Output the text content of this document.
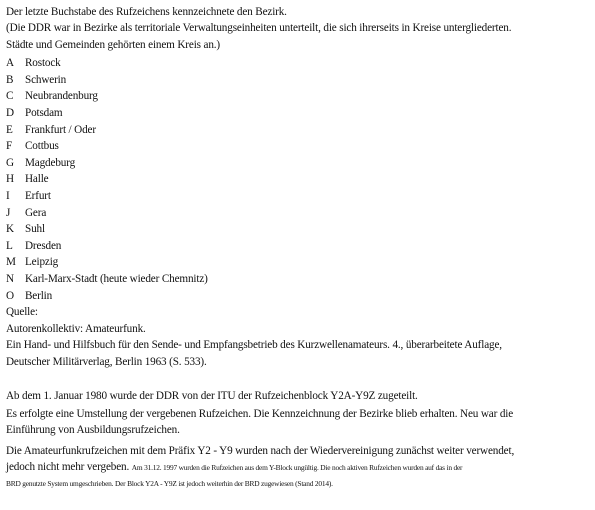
Der letzte Buchstabe des Rufzeichens kennzeichnete den Bezirk.
(Die DDR war in Bezirke als territoriale Verwaltungseinheiten unterteilt, die sich ihrerseits in Kreise untergliederten.
Städte und Gemeinden gehörten einem Kreis an.)
A Rostock
B	Schwerin
C	Neubrandenburg
D Potsdam
E	Frankfurt / Oder
F	Cottbus
G Magdeburg
H Halle
I	Erfurt
J	Gera
K Suhl
L	Dresden
M Leipzig
N Karl-Marx-Stadt (heute wieder Chemnitz)
O Berlin
Quelle:
Autorenkollektiv: Amateurfunk.
Ein Hand- und Hilfsbuch für den Sende- und Empfangsbetrieb des Kurzwellenamateurs. 4., überarbeitete Auflage,
Deutscher Militärverlag, Berlin 1963 (S. 533).
Ab dem 1. Januar 1980 wurde der DDR von der ITU der Rufzeichenblock Y2A-Y9Z zugeteilt.
Es erfolgte eine Umstellung der vergebenen Rufzeichen. Die Kennzeichnung der Bezirke blieb erhalten. Neu war die
Einführung von Ausbildungsrufzeichen.
Die Amateurfunkrufzeichen mit dem Präfix Y2 - Y9 wurden nach der Wiedervereinigung zunächst weiter verwendet,
jedoch nicht mehr vergeben. Am 31.12. 1997 wurden die Rufzeichen aus dem Y-Block ungültig. Die noch aktiven Rufzeichen wurden auf das in der
BRD genutzte System umgeschrieben. Der Block Y2A - Y9Z ist jedoch weiterhin der BRD zugewiesen (Stand 2014).
